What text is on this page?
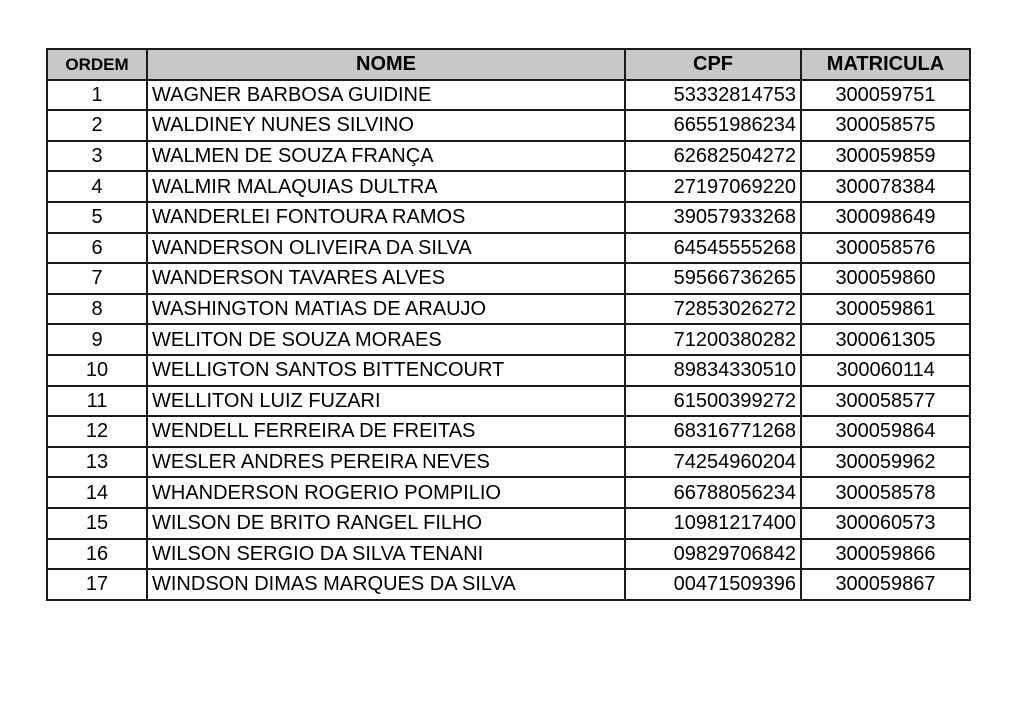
ORDEM	NOME	CPF	MATRICULA
1	WAGNER BARBOSA GUIDINE	53332814753	300059751
2	WALDINEY NUNES SILVINO	66551986234	300058575
3	WALMEN DE SOUZA FRANÇA	62682504272	300059859
4	WALMIR MALAQUIAS DULTRA	27197069220	300078384
5	WANDERLEI FONTOURA RAMOS	39057933268	300098649
6	WANDERSON OLIVEIRA DA SILVA	64545555268	300058576
7	WANDERSON TAVARES ALVES	59566736265	300059860
8	WASHINGTON MATIAS DE ARAUJO	72853026272	300059861
9	WELITON DE SOUZA MORAES	71200380282	300061305
10	WELLIGTON SANTOS BITTENCOURT	89834330510	300060114
11	WELLITON LUIZ FUZARI	61500399272	300058577
12	WENDELL FERREIRA DE FREITAS	68316771268	300059864
13	WESLER ANDRES PEREIRA NEVES	74254960204	300059962
14	WHANDERSON ROGERIO POMPILIO	66788056234	300058578
15	WILSON DE BRITO RANGEL FILHO	10981217400	300060573
16	WILSON SERGIO DA SILVA TENANI	09829706842	300059866
17	WINDSON DIMAS MARQUES DA SILVA	00471509396	300059867
